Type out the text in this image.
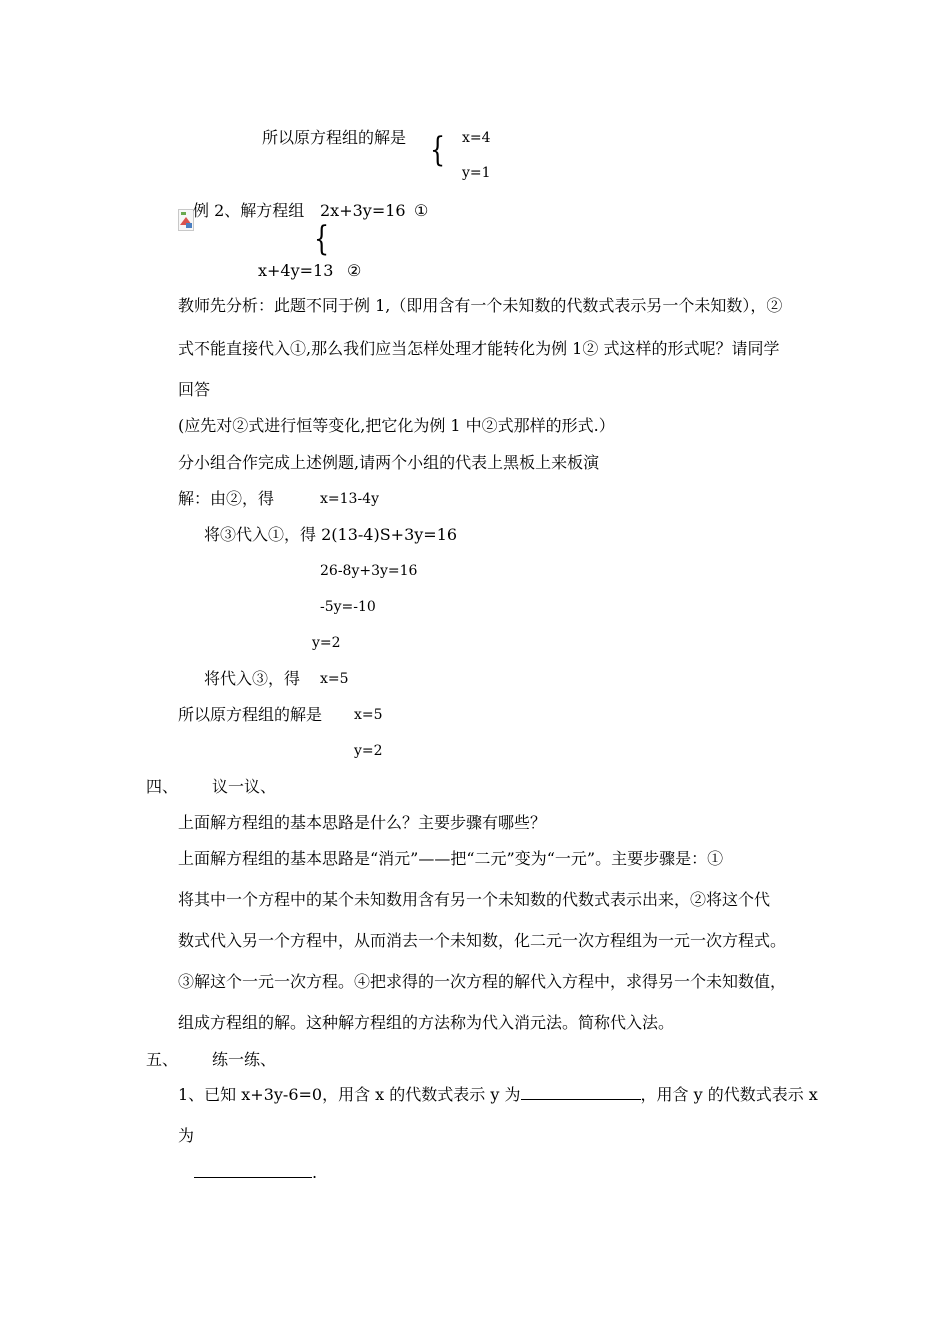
所以原方程组的解是 { x=4
y=1
例 2、解方程组 2x+3y=16 ①
{
x+4y=13 ②
教师先分析：此题不同于例 1,（即用含有一个未知数的代数式表示另一个未知数），②
式不能直接代入①,那么我们应当怎样处理才能转化为例 1② 式这样的形式呢？请同学
回答
(应先对②式进行恒等变化,把它化为例 1 中②式那样的形式.）
分小组合作完成上述例题,请两个小组的代表上黑板上来板演
解：由②，得	x=13-4y
将③代入①，得 2(13-4)S+3y=16
26-8y+3y=16
-5y=-10
y=2
将代入③，得 x=5
所以原方程组的解是 x=5
y=2
四、 议一议、
上面解方程组的基本思路是什么？主要步骤有哪些？
上面解方程组的基本思路是“消元”——把“二元”变为“一元”。主要步骤是：①
将其中一个方程中的某个未知数用含有另一个未知数的代数式表示出来，②将这个代
数式代入另一个方程中，从而消去一个未知数，化二元一次方程组为一元一次方程式。
③解这个一元一次方程。④把求得的一次方程的解代入方程中，求得另一个未知数值，
组成方程组的解。这种解方程组的方法称为代入消元法。简称代入法。
五、 练一练、
1、已知 x+3y-6=0，用含 x 的代数式表示 y 为	，用含 y 的代数式表示 x
为
.
